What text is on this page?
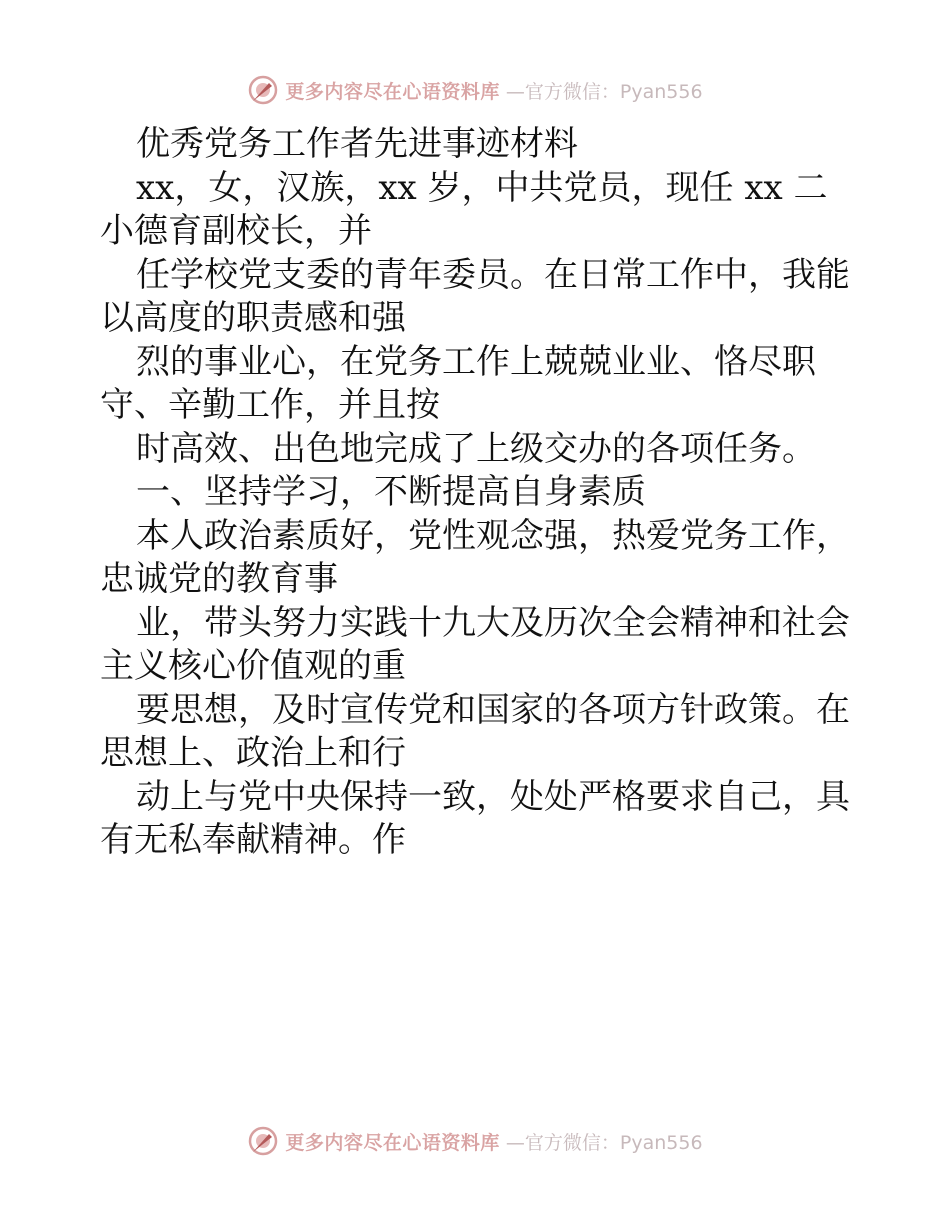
更多内容尽在心语资料库 —官方微信：Pyan556
优秀党务工作者先进事迹材料
xx，女，汉族，xx 岁，中共党员，现任 xx 二
小德育副校长，并
任学校党支委的青年委员。在日常工作中，我能
以高度的职责感和强
烈的事业心，在党务工作上兢兢业业、恪尽职
守、辛勤工作，并且按
时高效、出色地完成了上级交办的各项任务。
一、坚持学习，不断提高自身素质
本人政治素质好，党性观念强，热爱党务工作，
忠诚党的教育事
业，带头努力实践十九大及历次全会精神和社会
主义核心价值观的重
要思想，及时宣传党和国家的各项方针政策。在
思想上、政治上和行
动上与党中央保持一致，处处严格要求自己，具
有无私奉献精神。作
更多内容尽在心语资料库 —官方微信：Pyan556
